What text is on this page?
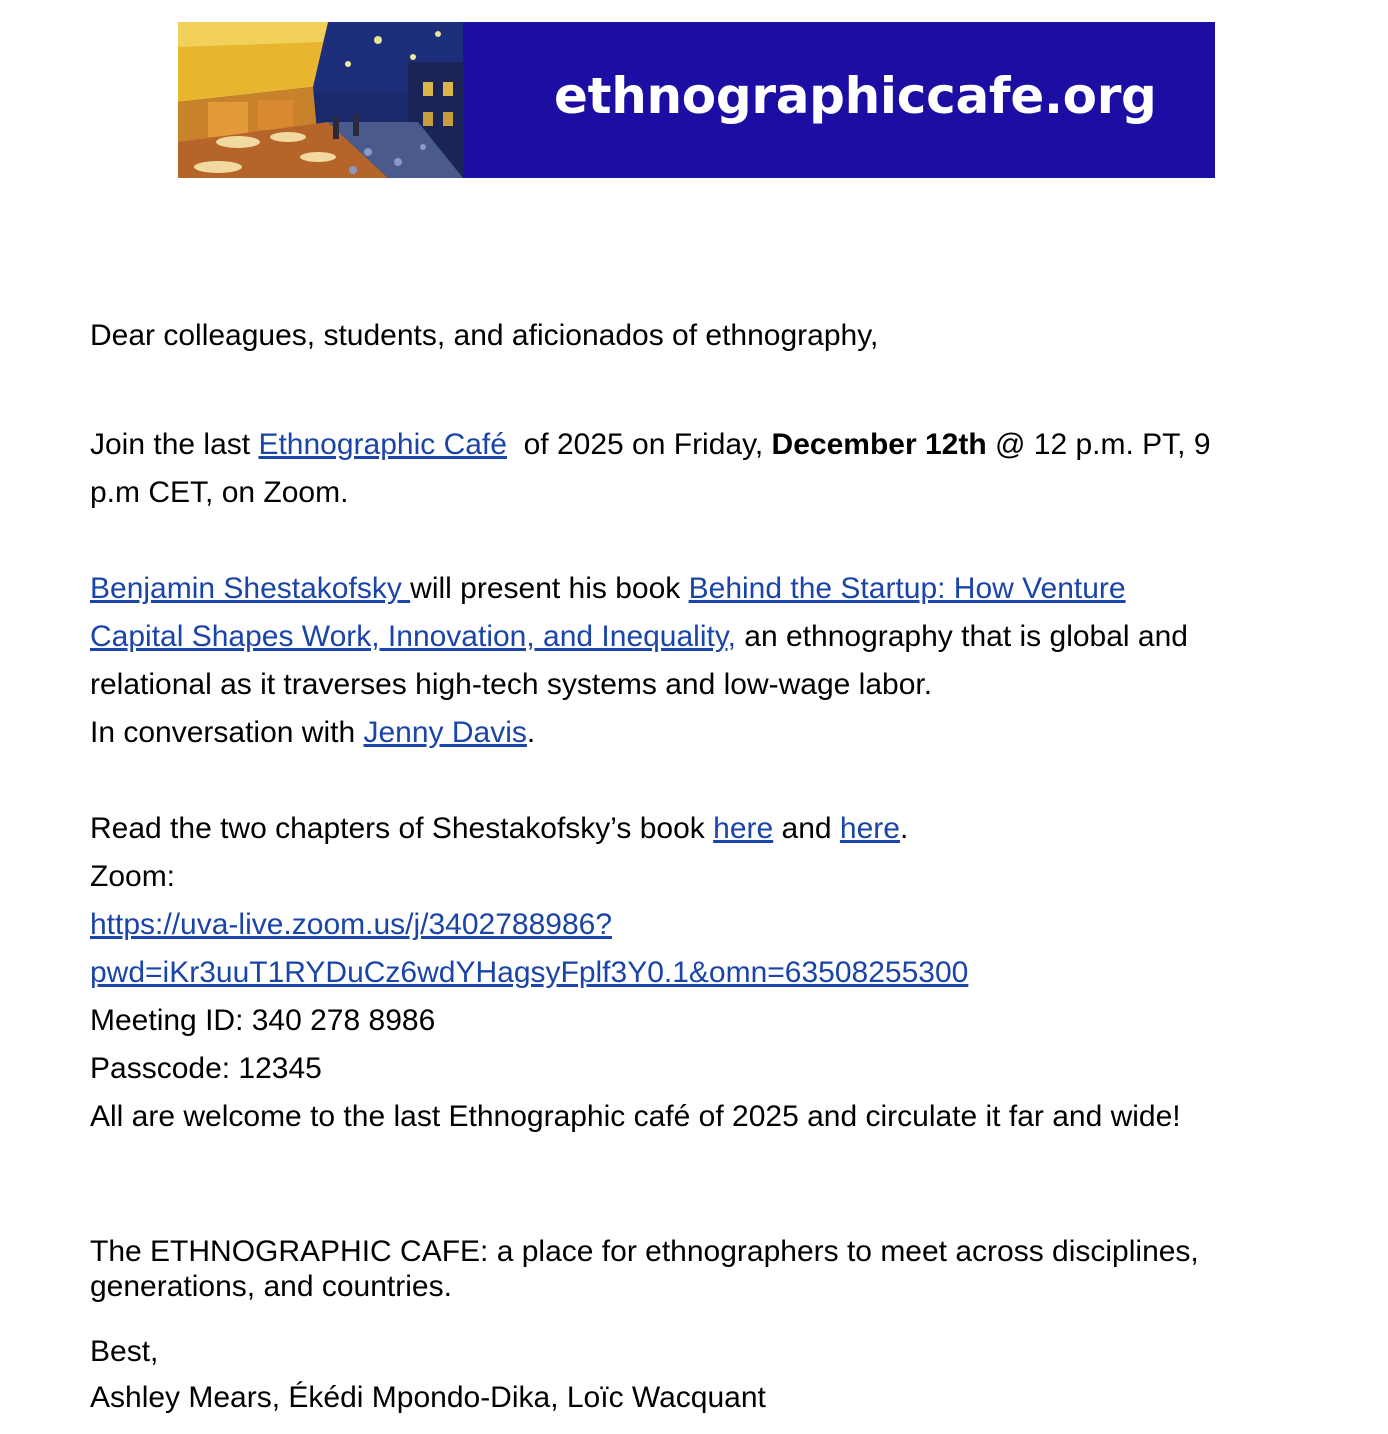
ethnographiccafe.org
Dear colleagues, students, and aficionados of ethnography,
Join the last Ethnographic Café  of 2025 on Friday, December 12th @ 12 p.m. PT, 9
p.m CET, on Zoom.
Benjamin Shestakofsky will present his book Behind the Startup: How Venture
Capital Shapes Work, Innovation, and Inequality, an ethnography that is global and
relational as it traverses high-tech systems and low-wage labor.
In conversation with Jenny Davis.
Read the two chapters of Shestakofsky’s book here and here.
Zoom:
https://uva-live.zoom.us/j/3402788986?
pwd=iKr3uuT1RYDuCz6wdYHagsyFplf3Y0.1&omn=63508255300
Meeting ID: 340 278 8986
Passcode: 12345
All are welcome to the last Ethnographic café of 2025 and circulate it far and wide!
The ETHNOGRAPHIC CAFE: a place for ethnographers to meet across disciplines,
generations, and countries.
Best,
Ashley Mears, Ékédi Mpondo-Dika, Loïc Wacquant
